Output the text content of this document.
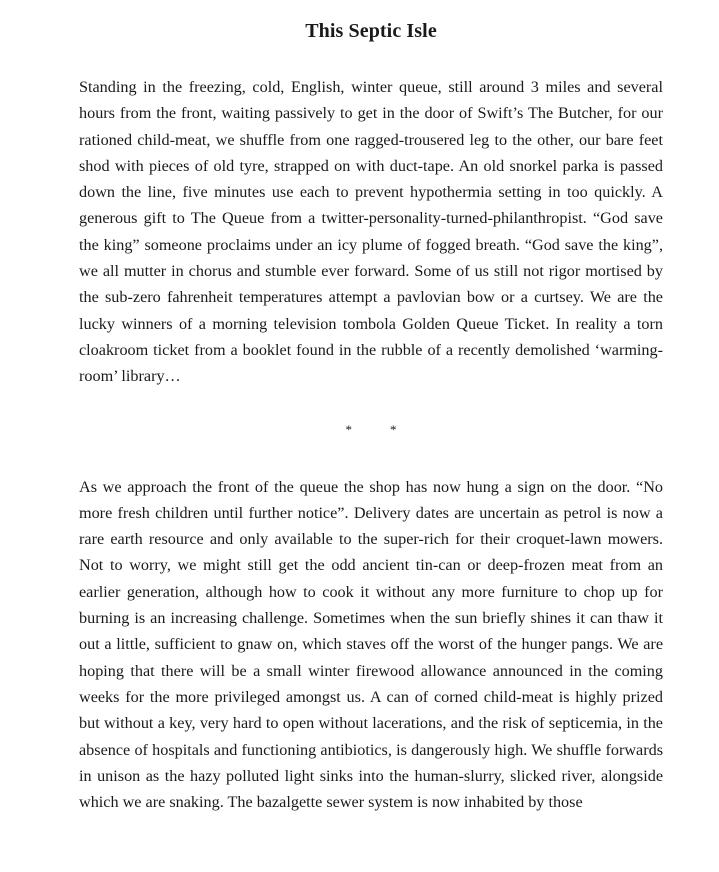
This Septic Isle

Standing in the freezing, cold, English, winter queue, still around 3 miles and several hours from the front, waiting passively to get in the door of Swift’s The Butcher, for our rationed child-meat, we shuffle from one ragged-trousered leg to the other, our bare feet shod with pieces of old tyre, strapped on with duct-tape. An old snorkel parka is passed down the line, five minutes use each to prevent hypothermia setting in too quickly. A generous gift to The Queue from a twitter-personality-turned-philanthropist. “God save the king” someone proclaims under an icy plume of fogged breath. “God save the king”, we all mutter in chorus and stumble ever forward. Some of us still not rigor mortised by the sub-zero fahrenheit temperatures attempt a pavlovian bow or a curtsey. We are the lucky winners of a morning television tombola Golden Queue Ticket. In reality a torn cloakroom ticket from a booklet found in the rubble of a recently demolished ‘warming-room’ library…

*	*

As we approach the front of the queue the shop has now hung a sign on the door. “No more fresh children until further notice”. Delivery dates are uncertain as petrol is now a rare earth resource and only available to the super-rich for their croquet-lawn mowers. Not to worry, we might still get the odd ancient tin-can or deep-frozen meat from an earlier generation, although how to cook it without any more furniture to chop up for burning is an increasing challenge. Sometimes when the sun briefly shines it can thaw it out a little, sufficient to gnaw on, which staves off the worst of the hunger pangs. We are hoping that there will be a small winter firewood allowance announced in the coming weeks for the more privileged amongst us. A can of corned child-meat is highly prized but without a key, very hard to open without lacerations, and the risk of septicemia, in the absence of hospitals and functioning antibiotics, is dangerously high. We shuffle forwards in unison as the hazy polluted light sinks into the human-slurry, slicked river, alongside which we are snaking. The bazalgette sewer system is now inhabited by those
